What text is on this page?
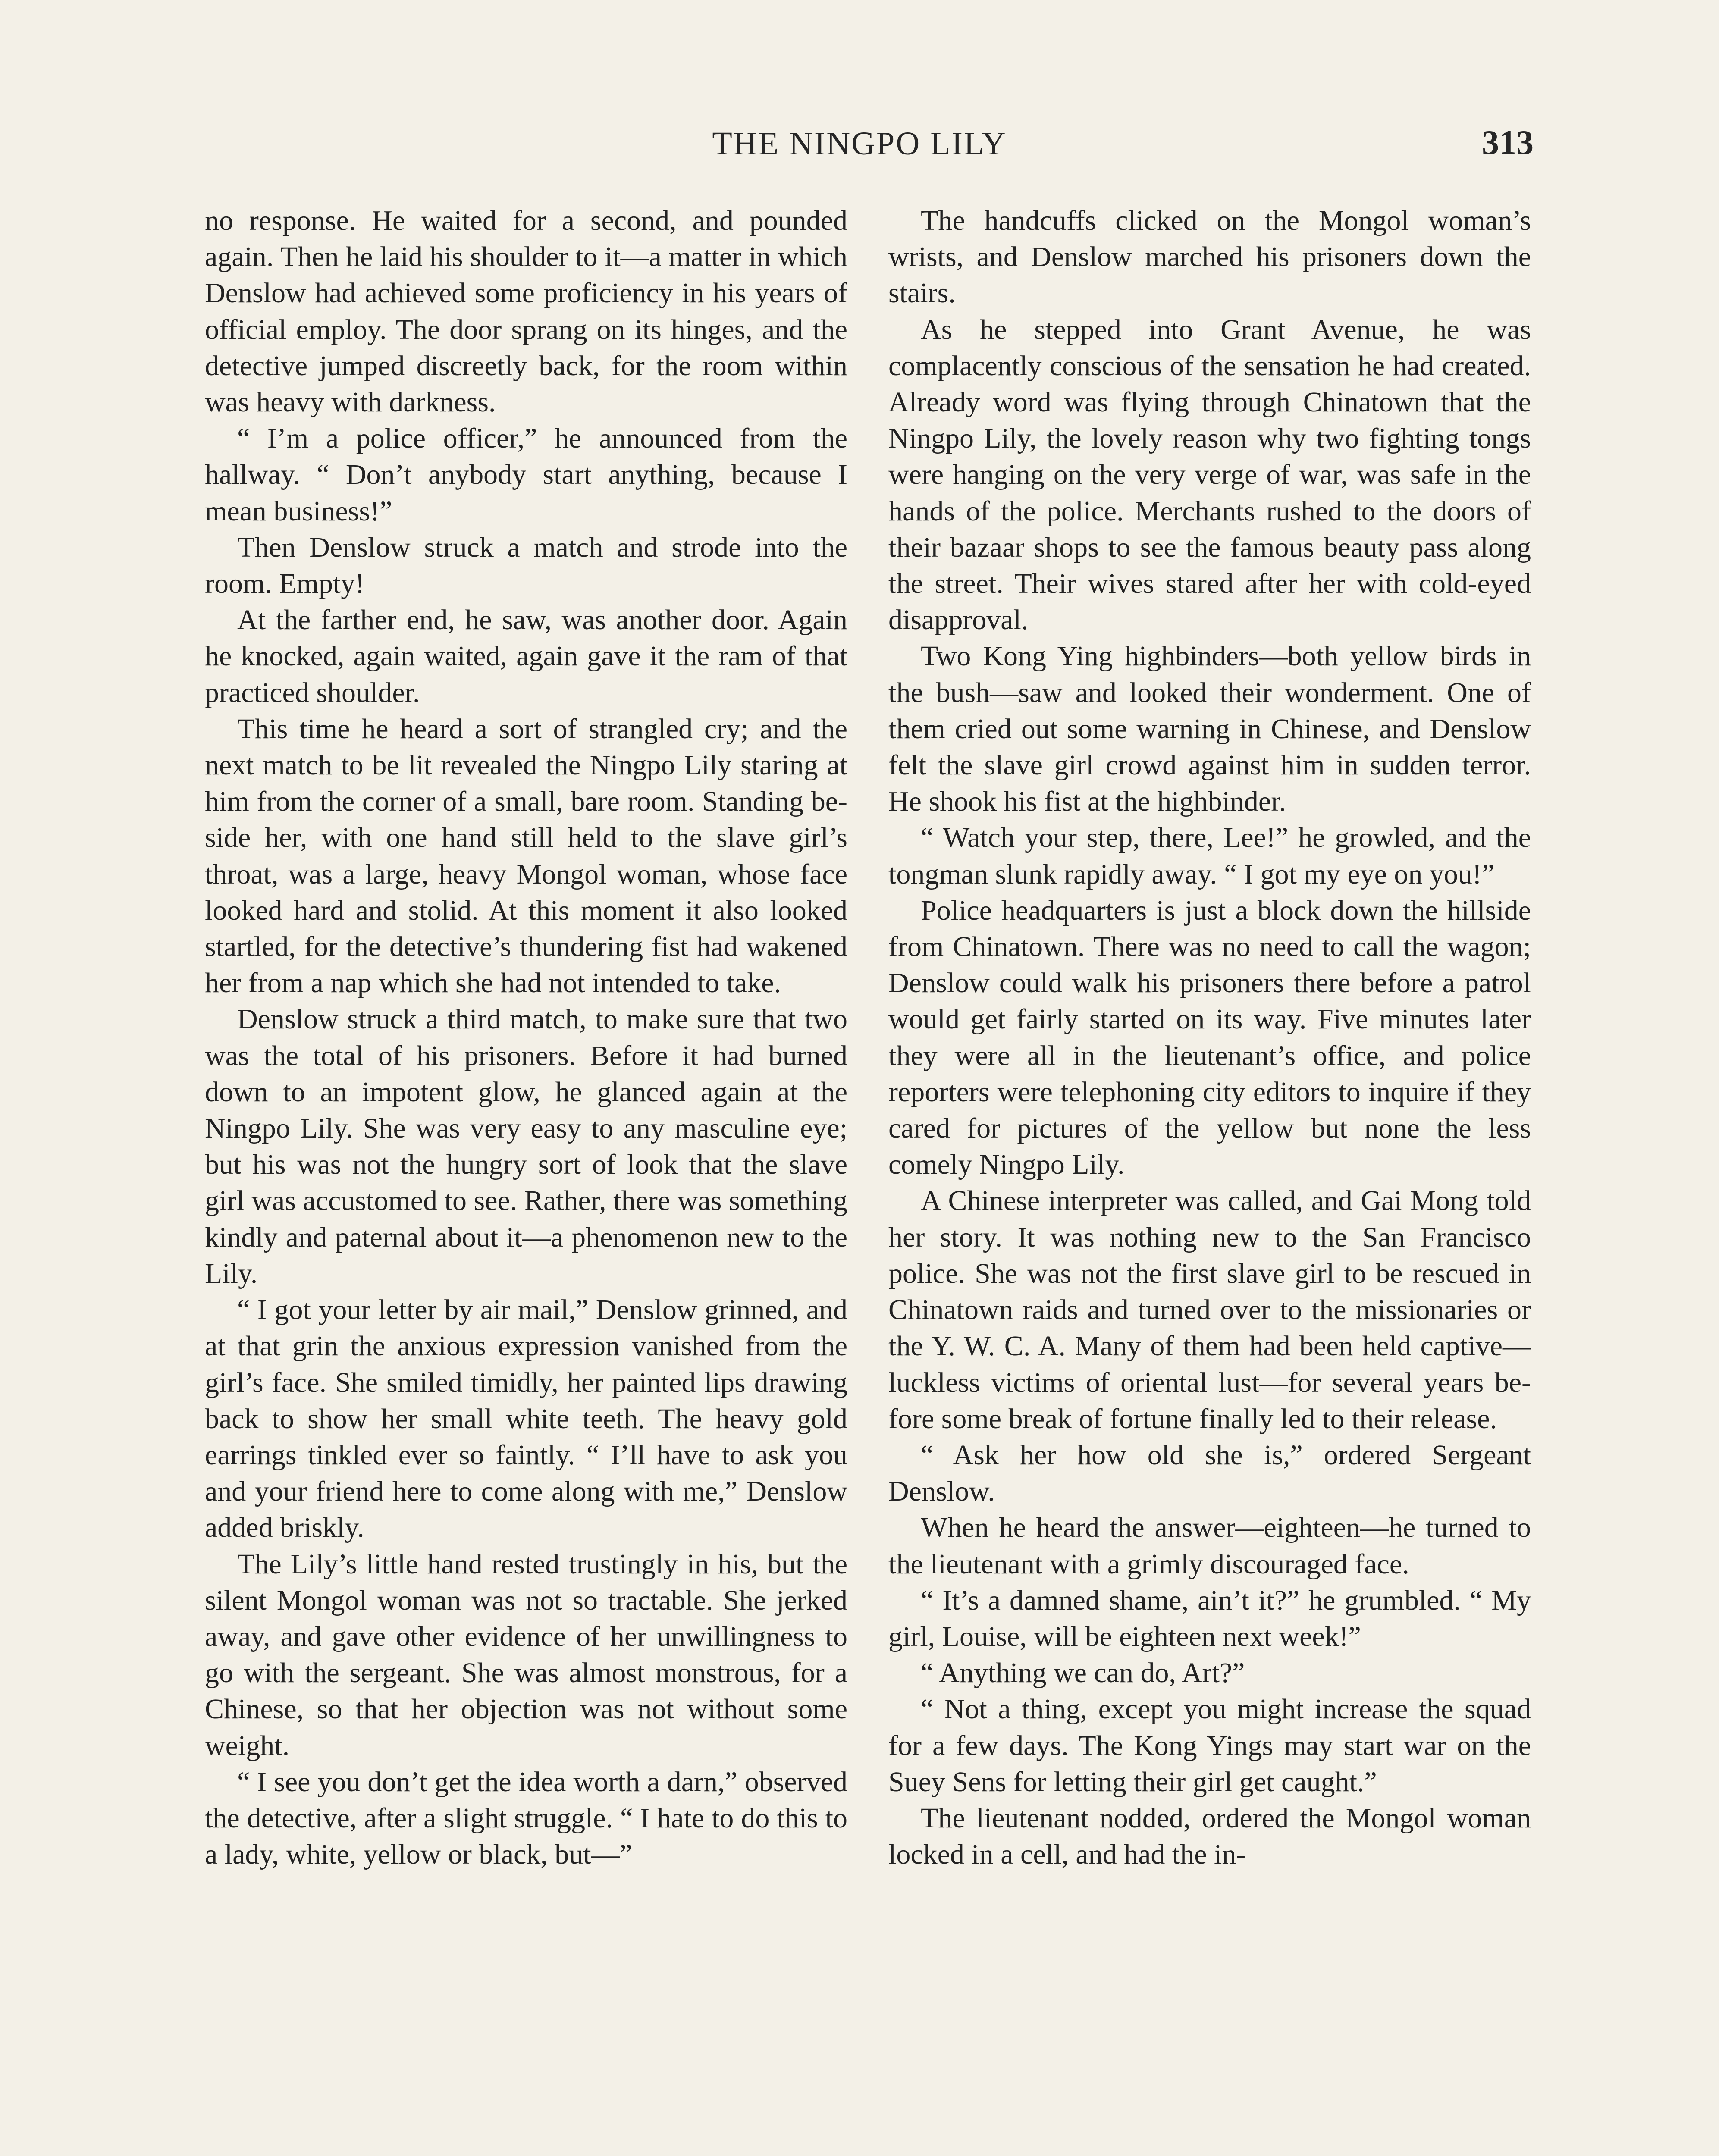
THE NINGPO LILY	313

no response. He waited for a second, and pounded again. Then he laid his shoulder to it—a matter in which Denslow had achieved some proficiency in his years of official employ. The door sprang on its hinges, and the detective jumped discreetly back, for the room within was heavy with darkness.

“ I’m a police officer,” he announced from the hallway. “ Don’t anybody start anything, because I mean business!”

Then Denslow struck a match and strode into the room. Empty!

At the farther end, he saw, was another door. Again he knocked, again waited, again gave it the ram of that practiced shoulder.

This time he heard a sort of strangled cry; and the next match to be lit revealed the Ningpo Lily staring at him from the corner of a small, bare room. Standing beside her, with one hand still held to the slave girl’s throat, was a large, heavy Mongol woman, whose face looked hard and stolid. At this moment it also looked startled, for the detective’s thundering fist had wakened her from a nap which she had not intended to take.

Denslow struck a third match, to make sure that two was the total of his prisoners. Before it had burned down to an impotent glow, he glanced again at the Ningpo Lily. She was very easy to any masculine eye; but his was not the hungry sort of look that the slave girl was accustomed to see. Rather, there was something kindly and paternal about it—a phenomenon new to the Lily.

“ I got your letter by air mail,” Denslow grinned, and at that grin the anxious expression vanished from the girl’s face. She smiled timidly, her painted lips drawing back to show her small white teeth. The heavy gold earrings tinkled ever so faintly. “ I’ll have to ask you and your friend here to come along with me,” Denslow added briskly.

The Lily’s little hand rested trustingly in his, but the silent Mongol woman was not so tractable. She jerked away, and gave other evidence of her unwillingness to go with the sergeant. She was almost monstrous, for a Chinese, so that her objection was not without some weight.

“ I see you don’t get the idea worth a darn,” observed the detective, after a slight struggle. “ I hate to do this to a lady, white, yellow or black, but—”

The handcuffs clicked on the Mongol woman’s wrists, and Denslow marched his prisoners down the stairs.

As he stepped into Grant Avenue, he was complacently conscious of the sensation he had created. Already word was flying through Chinatown that the Ningpo Lily, the lovely reason why two fighting tongs were hanging on the very verge of war, was safe in the hands of the police. Merchants rushed to the doors of their bazaar shops to see the famous beauty pass along the street. Their wives stared after her with cold-eyed disapproval.

Two Kong Ying highbinders—both yellow birds in the bush—saw and looked their wonderment. One of them cried out some warning in Chinese, and Denslow felt the slave girl crowd against him in sudden terror. He shook his fist at the highbinder.

“ Watch your step, there, Lee!” he growled, and the tongman slunk rapidly away. “ I got my eye on you!”

Police headquarters is just a block down the hillside from Chinatown. There was no need to call the wagon; Denslow could walk his prisoners there before a patrol would get fairly started on its way. Five minutes later they were all in the lieutenant’s office, and police reporters were telephoning city editors to inquire if they cared for pictures of the yellow but none the less comely Ningpo Lily.

A Chinese interpreter was called, and Gai Mong told her story. It was nothing new to the San Francisco police. She was not the first slave girl to be rescued in Chinatown raids and turned over to the missionaries or the Y. W. C. A. Many of them had been held captive—luckless victims of oriental lust—for several years before some break of fortune finally led to their release.

“ Ask her how old she is,” ordered Sergeant Denslow.

When he heard the answer—eighteen—he turned to the lieutenant with a grimly discouraged face.

“ It’s a damned shame, ain’t it?” he grumbled. “ My girl, Louise, will be eighteen next week!”

“ Anything we can do, Art?”

“ Not a thing, except you might increase the squad for a few days. The Kong Yings may start war on the Suey Sens for letting their girl get caught.”

The lieutenant nodded, ordered the Mongol woman locked in a cell, and had the in-
